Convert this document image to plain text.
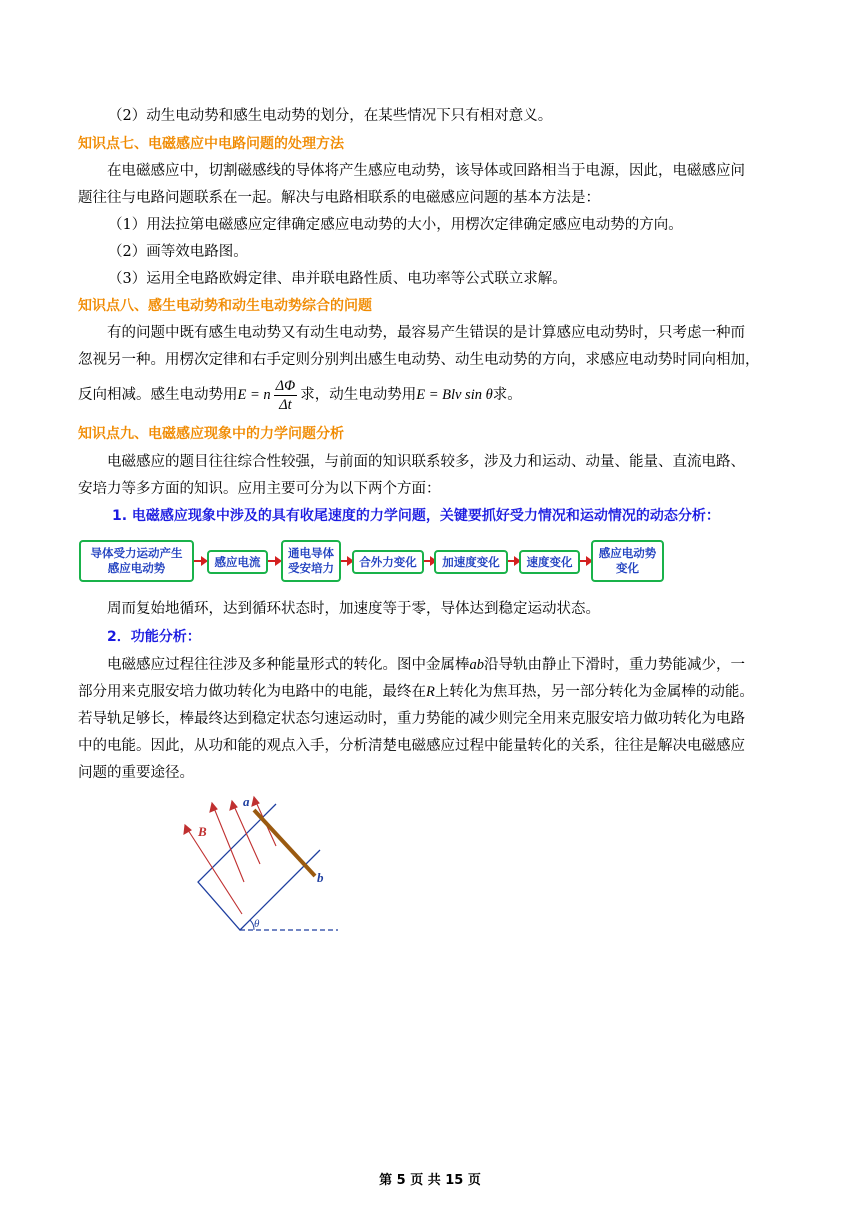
（2）动生电动势和感生电动势的划分，在某些情况下只有相对意义。
知识点七、电磁感应中电路问题的处理方法
在电磁感应中，切割磁感线的导体将产生感应电动势，该导体或回路相当于电源，因此，电磁感应问
题往往与电路问题联系在一起。解决与电路相联系的电磁感应问题的基本方法是：
（1）用法拉第电磁感应定律确定感应电动势的大小，用楞次定律确定感应电动势的方向。
（2）画等效电路图。
（3）运用全电路欧姆定律、串并联电路性质、电功率等公式联立求解。
知识点八、感生电动势和动生电动势综合的问题
有的问题中既有感生电动势又有动生电动势，最容易产生错误的是计算感应电动势时，只考虑一种而
忽视另一种。用楞次定律和右手定则分别判出感生电动势、动生电动势的方向，求感应电动势时同向相加，
反向相减。感生电动势用E = n $\frac{\Delta\Phi}{\Delta t}$ 求，动生电动势用E = Blv sin θ求。
知识点九、电磁感应现象中的力学问题分析
电磁感应的题目往往综合性较强，与前面的知识联系较多，涉及力和运动、动量、能量、直流电路、
安培力等多方面的知识。应用主要可分为以下两个方面：
1. 电磁感应现象中涉及的具有收尾速度的力学问题，关键要抓好受力情况和运动情况的动态分析：
导体受力运动产生
感应电动势	感应电流
通电导体
受安培力	合外力变化	加速度变化	速度变化
感应电动势
变化
周而复始地循环，达到循环状态时，加速度等于零，导体达到稳定运动状态。
2．功能分析：
电磁感应过程往往涉及多种能量形式的转化。图中金属棒ab沿导轨由静止下滑时，重力势能减少，一
部分用来克服安培力做功转化为电路中的电能，最终在R上转化为焦耳热，另一部分转化为金属棒的动能。
若导轨足够长，棒最终达到稳定状态匀速运动时，重力势能的减少则完全用来克服安培力做功转化为电路
中的电能。因此，从功和能的观点入手，分析清楚电磁感应过程中能量转化的关系，往往是解决电磁感应
问题的重要途径。
a
b
B
θ
第 5 页 共 15 页
